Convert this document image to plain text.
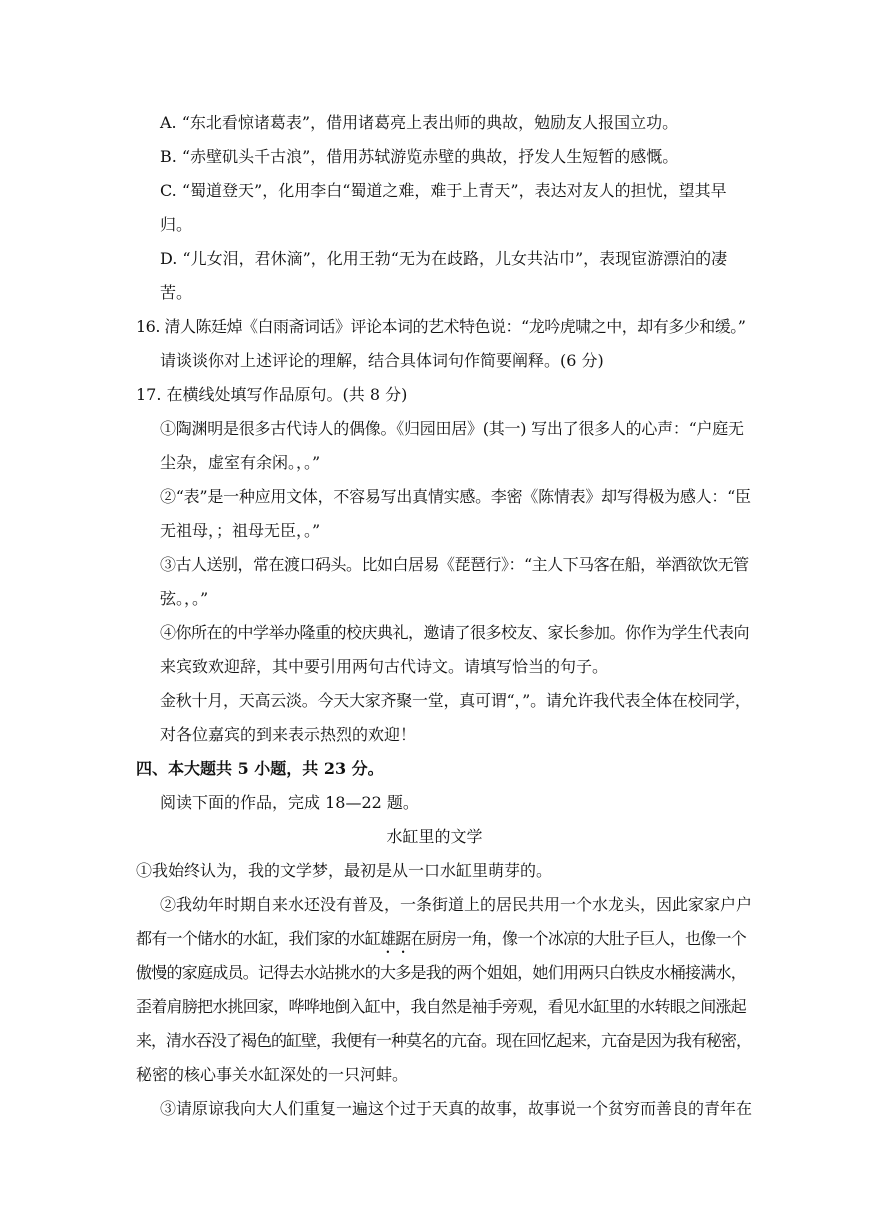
A. “东北看惊诸葛表”，借用诸葛亮上表出师的典故，勉励友人报国立功。
B. “赤壁矶头千古浪”，借用苏轼游览赤壁的典故，抒发人生短暂的感慨。
C. “蜀道登天”，化用李白“蜀道之难，难于上青天”，表达对友人的担忧，望其早
归。
D. “儿女泪，君休滴”，化用王勃“无为在歧路，儿女共沾巾”，表现宦游漂泊的凄
苦。
16. 清人陈廷焯《白雨斋词话》评论本词的艺术特色说：“龙吟虎啸之中，却有多少和缓。”
请谈谈你对上述评论的理解，结合具体词句作简要阐释。(6 分)
17. 在横线处填写作品原句。(共 8 分)
①陶渊明是很多古代诗人的偶像。《归园田居》(其一) 写出了很多人的心声：“户庭无
尘杂，虚室有余闲。，。”
②“表”是一种应用文体，不容易写出真情实感。李密《陈情表》却写得极为感人：“臣
无祖母，；祖母无臣，。”
③古人送别，常在渡口码头。比如白居易《琵琶行》：“主人下马客在船，举酒欲饮无管
弦。，。”
④你所在的中学举办隆重的校庆典礼，邀请了很多校友、家长参加。你作为学生代表向
来宾致欢迎辞，其中要引用两句古代诗文。请填写恰当的句子。
金秋十月，天高云淡。今天大家齐聚一堂，真可谓“，”。请允许我代表全体在校同学，
对各位嘉宾的到来表示热烈的欢迎！
四、本大题共 5 小题，共 23 分。
阅读下面的作品，完成 18—22 题。
水缸里的文学
①我始终认为，我的文学梦，最初是从一口水缸里萌芽的。
②我幼年时期自来水还没有普及，一条街道上的居民共用一个水龙头，因此家家户户
都有一个储水的水缸，我们家的水缸雄踞在厨房一角，像一个冰凉的大肚子巨人，也像一个
傲慢的家庭成员。记得去水站挑水的大多是我的两个姐姐，她们用两只白铁皮水桶接满水，
歪着肩膀把水挑回家，哗哗地倒入缸中，我自然是袖手旁观，看见水缸里的水转眼之间涨起
来，清水吞没了褐色的缸壁，我便有一种莫名的亢奋。现在回忆起来，亢奋是因为我有秘密，
秘密的核心事关水缸深处的一只河蚌。
③请原谅我向大人们重复一遍这个过于天真的故事，故事说一个贫穷而善良的青年在
